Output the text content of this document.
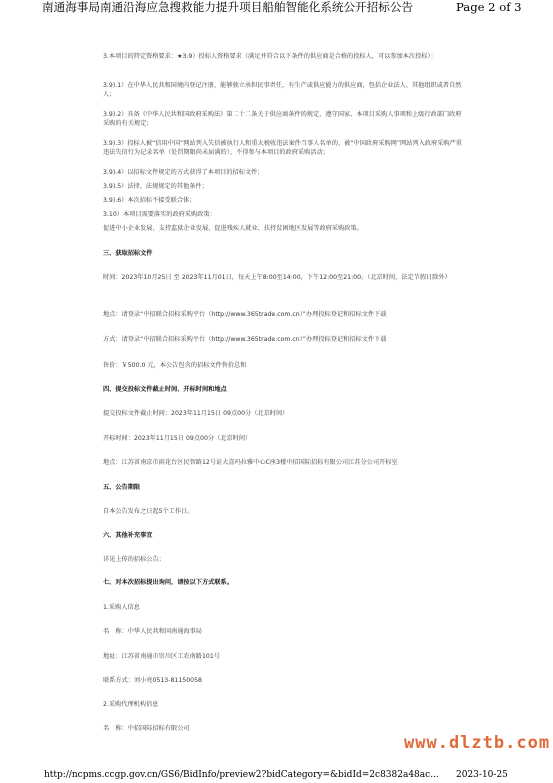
南通海事局南通沿海应急搜救能力提升项目船舶智能化系统公开招标公告	Page 2 of 3
3.本项目的特定资格要求：★3.9）投标人资格要求（满足并符合以下条件的供应商是合格的投标人，可以参加本次投标）：
3.9).1）在中华人民共和国境内登记注册，能够独立承担民事责任，有生产或供应能力的供应商，包括企业法人、其他组织或者自然人；
3.9).2）具备《中华人民共和国政府采购法》第二十二条关于供应商条件的规定，遵守国家、本项目采购人事项和上级行政部门政府采购的有关规定；
3.9).3）投标人被“信用中国”网站列入失信被执行人和重大税收违法案件当事人名单的、被“中国政府采购网”网站列入政府采购严重违法失信行为记录名单（处罚期限尚未届满的），不得参与本项目的政府采购活动；
3.9).4）以招标文件规定的方式获得了本项目的招标文件；
3.9).5）法律、法规规定的其他条件；
3.9).6）本次招标不接受联合体；
3.10）本项目需要落实的政府采购政策：
促进中小企业发展、支持监狱企业发展、促进残疾人就业、扶持贫困地区发展等政府采购政策。
三、获取招标文件
时间：2023年10月25日 至 2023年11月01日，每天上午8:00至14:00，下午12:00至21:00。（北京时间，法定节假日除外）
地点：请登录“中招联合招标采购平台（http://www.365trade.com.cn）”办理投标登记和招标文件下载
方式：请登录“中招联合招标采购平台（http://www.365trade.com.cn）”办理投标登记和招标文件下载
售价：￥500.0 元，本公告包含的招标文件售价总和
四、提交投标文件截止时间、开标时间和地点
提交投标文件截止时间：2023年11月15日 09点00分（北京时间）
开标时间：2023年11月15日 09点00分（北京时间）
地点：江苏省南京市雨花台区民智路12号证大喜玛拉雅中心C座3楼中招国际招标有限公司江苏分公司开标室
五、公告期限
自本公告发布之日起5个工作日。
六、其他补充事宜
详见上传的招标公告；
七、对本次招标提出询问，请按以下方式联系。
1.采购人信息
名　称：中华人民共和国南通海事局
地址：江苏省南通市崇川区工农南路101号
联系方式：刘小亮0513-81150058
2.采购代理机构信息
名　称：中招国际招标有限公司
www.dlztb.com
http://ncpms.ccgp.gov.cn/GS6/BidInfo/preview2?bidCategory=&bidId=2c8382a48ac...	2023-10-25
